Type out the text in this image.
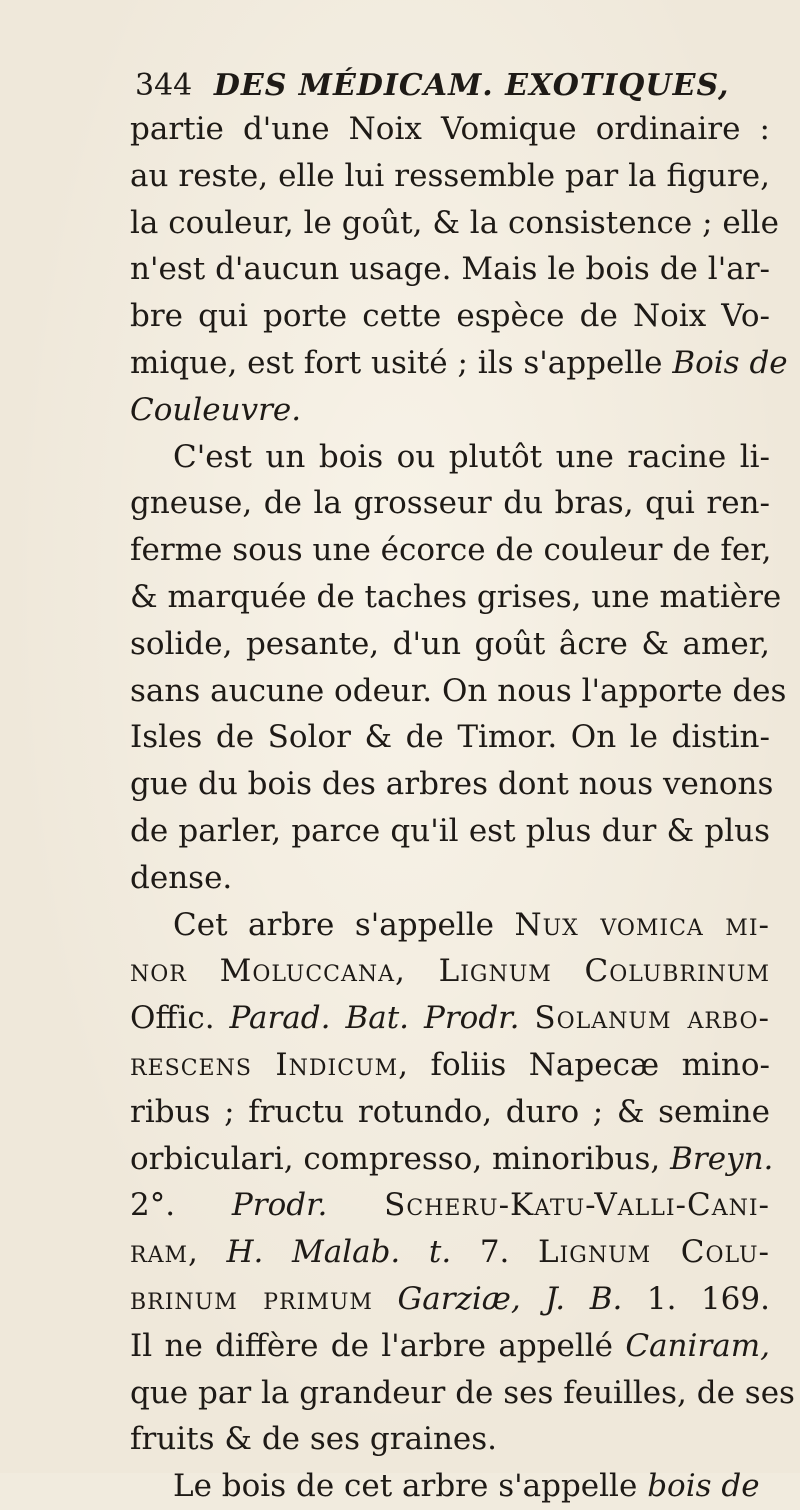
344 DES MÉDICAM. EXOTIQUES,
partie d'une Noix Vomique ordinaire :
au reste, elle lui ressemble par la figure,
la couleur, le goût, & la consistence ; elle
n'est d'aucun usage. Mais le bois de l'ar-
bre qui porte cette espèce de Noix Vo-
mique, est fort usité ; ils s'appelle Bois de
Couleuvre.
C'est un bois ou plutôt une racine li-
gneuse, de la grosseur du bras, qui ren-
ferme sous une écorce de couleur de fer,
& marquée de taches grises, une matière
solide, pesante, d'un goût âcre & amer,
sans aucune odeur. On nous l'apporte des
Isles de Solor & de Timor. On le distin-
gue du bois des arbres dont nous venons
de parler, parce qu'il est plus dur & plus
dense.
Cet arbre s'appelle Nux vomica mi-
nor Moluccana, Lignum Colubrinum
Offic. Parad. Bat. Prodr. Solanum arbo-
rescens Indicum, foliis Napecæ mino-
ribus ; fructu rotundo, duro ; & semine
orbiculari, compresso, minoribus, Breyn.
2°. Prodr. Scheru-Katu-Valli-Cani-
ram, H. Malab. t. 7. Lignum Colu-
brinum primum Garziæ, J. B. 1. 169.
Il ne diffère de l'arbre appellé Caniram,
que par la grandeur de ses feuilles, de ses
fruits & de ses graines.
Le bois de cet arbre s'appelle bois de
